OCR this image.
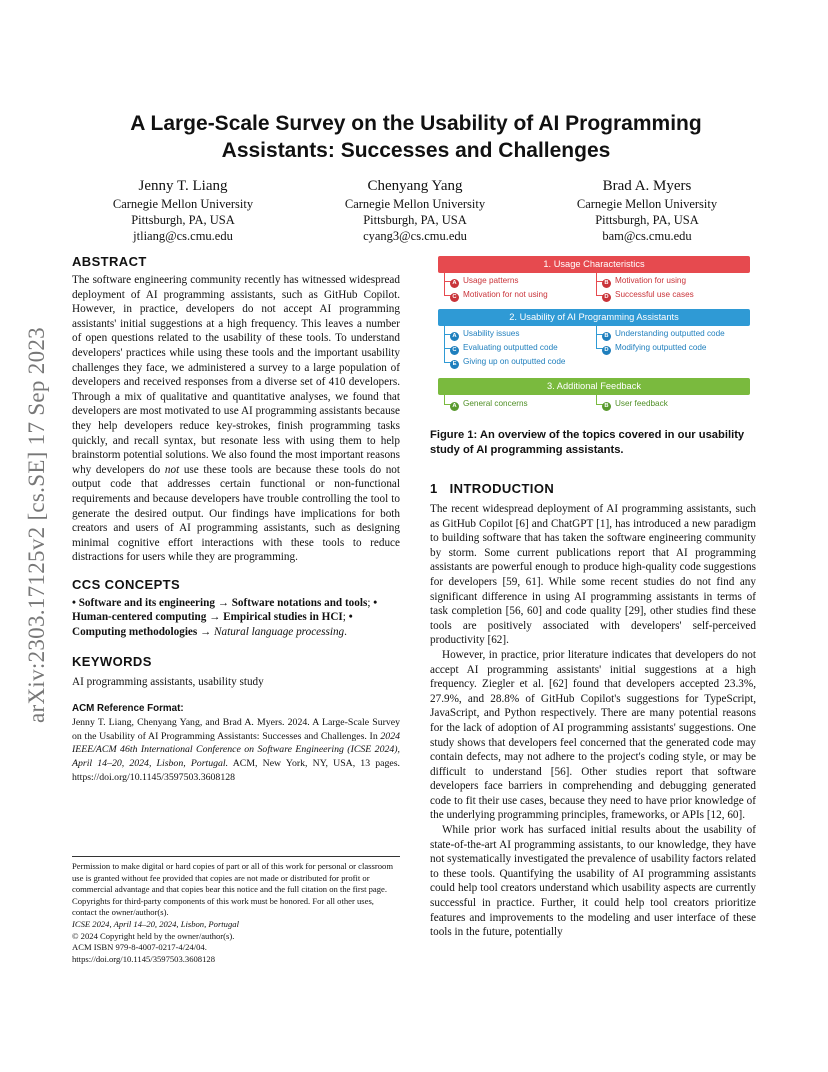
arXiv:2303.17125v2 [cs.SE] 17 Sep 2023
A Large-Scale Survey on the Usability of AI Programming Assistants: Successes and Challenges
Jenny T. Liang
Carnegie Mellon University
Pittsburgh, PA, USA
jtliang@cs.cmu.edu
Chenyang Yang
Carnegie Mellon University
Pittsburgh, PA, USA
cyang3@cs.cmu.edu
Brad A. Myers
Carnegie Mellon University
Pittsburgh, PA, USA
bam@cs.cmu.edu
ABSTRACT

The software engineering community recently has witnessed widespread deployment of AI programming assistants, such as GitHub Copilot. However, in practice, developers do not accept AI programming assistants' initial suggestions at a high frequency. This leaves a number of open questions related to the usability of these tools. To understand developers' practices while using these tools and the important usability challenges they face, we administered a survey to a large population of developers and received responses from a diverse set of 410 developers. Through a mix of qualitative and quantitative analyses, we found that developers are most motivated to use AI programming assistants because they help developers reduce key-strokes, finish programming tasks quickly, and recall syntax, but resonate less with using them to help brainstorm potential solutions. We also found the most important reasons why developers do not use these tools are because these tools do not output code that addresses certain functional or non-functional requirements and because developers have trouble controlling the tool to generate the desired output. Our findings have implications for both creators and users of AI programming assistants, such as designing minimal cognitive effort interactions with these tools to reduce distractions for users while they are programming.

CCS CONCEPTS
• Software and its engineering → Software notations and tools; • Human-centered computing → Empirical studies in HCI; • Computing methodologies → Natural language processing.
KEYWORDS
AI programming assistants, usability study
ACM Reference Format:
Jenny T. Liang, Chenyang Yang, and Brad A. Myers. 2024. A Large-Scale Survey on the Usability of AI Programming Assistants: Successes and Challenges. In 2024 IEEE/ACM 46th International Conference on Software Engineering (ICSE 2024), April 14–20, 2024, Lisbon, Portugal. ACM, New York, NY, USA, 13 pages. https://doi.org/10.1145/3597503.3608128
Permission to make digital or hard copies of part or all of this work for personal or classroom use is granted without fee provided that copies are not made or distributed for profit or commercial advantage and that copies bear this notice and the full citation on the first page. Copyrights for third-party components of this work must be honored. For all other uses, contact the owner/author(s).
ICSE 2024, April 14–20, 2024, Lisbon, Portugal
© 2024 Copyright held by the owner/author(s).
ACM ISBN 979-8-4007-0217-4/24/04.
https://doi.org/10.1145/3597503.3608128
1. Usage Characteristics
A Usage patterns	B Motivation for using
C Motivation for not using	D Successful use cases
2. Usability of AI Programming Assistants
A Usability issues	B Understanding outputted code
C Evaluating outputted code	D Modifying outputted code
E Giving up on outputted code
3. Additional Feedback
A General concerns	B User feedback
Figure 1: An overview of the topics covered in our usability study of AI programming assistants.
1   INTRODUCTION

The recent widespread deployment of AI programming assistants, such as GitHub Copilot [6] and ChatGPT [1], has introduced a new paradigm to building software that has taken the software engineering community by storm. Some current publications report that AI programming assistants are powerful enough to produce high-quality code suggestions for developers [59, 61]. While some recent studies do not find any significant difference in using AI programming assistants in terms of task completion [56, 60] and code quality [29], other studies find these tools are positively associated with developers' self-perceived productivity [62].

However, in practice, prior literature indicates that developers do not accept AI programming assistants' initial suggestions at a high frequency. Ziegler et al. [62] found that developers accepted 23.3%, 27.9%, and 28.8% of GitHub Copilot's suggestions for TypeScript, JavaScript, and Python respectively. There are many potential reasons for the lack of adoption of AI programming assistants' suggestions. One study shows that developers feel concerned that the generated code may contain defects, may not adhere to the project's coding style, or may be difficult to understand [56]. Other studies report that software developers face barriers in comprehending and debugging generated code to fit their use cases, because they need to have prior knowledge of the underlying programming principles, frameworks, or APIs [12, 60].

While prior work has surfaced initial results about the usability of state-of-the-art AI programming assistants, to our knowledge, they have not systematically investigated the prevalence of usability factors related to these tools. Quantifying the usability of AI programming assistants could help tool creators understand which usability aspects are currently successful in practice. Further, it could help tool creators prioritize features and improvements to the modeling and user interface of these tools in the future, potentially
